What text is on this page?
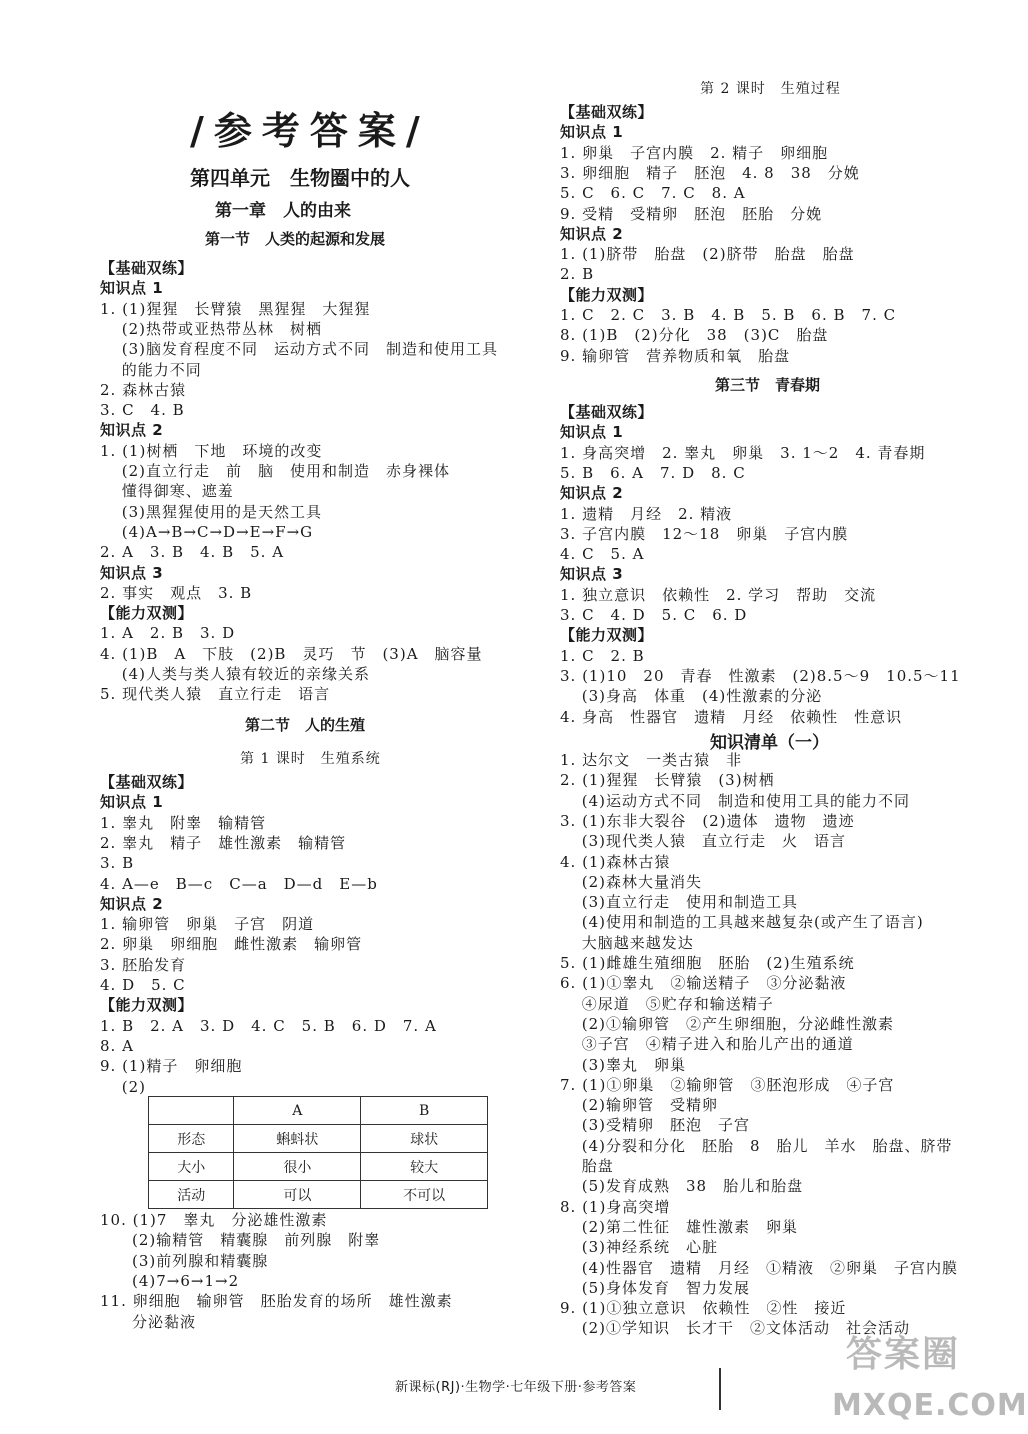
/参考答案/
第四单元　生物圈中的人
第一章　人的由来
第一节　人类的起源和发展
【基础双练】
知识点 1
1. (1)猩猩　长臂猿　黑猩猩　大猩猩
　 (2)热带或亚热带丛林　树栖
　 (3)脑发育程度不同　运动方式不同　制造和使用工具
　 的能力不同
2. 森林古猿
3. C　4. B
知识点 2
1. (1)树栖　下地　环境的改变
　 (2)直立行走　前　脑　使用和制造　赤身裸体
　 懂得御寒、遮羞
　 (3)黑猩猩使用的是天然工具
　 (4)A→B→C→D→E→F→G
2. A　3. B　4. B　5. A
知识点 3
2. 事实　观点　3. B
【能力双测】
1. A　2. B　3. D
4. (1)B　A　下肢　(2)B　灵巧　节　(3)A　脑容量
　 (4)人类与类人猿有较近的亲缘关系
5. 现代类人猿　直立行走　语言
第二节　人的生殖
第 1 课时　生殖系统
【基础双练】
知识点 1
1. 睾丸　附睾　输精管
2. 睾丸　精子　雄性激素　输精管
3. B
4. A—e　B—c　C—a　D—d　E—b
知识点 2
1. 输卵管　卵巢　子宫　阴道
2. 卵巢　卵细胞　雌性激素　输卵管
3. 胚胎发育
4. D　5. C
【能力双测】
1. B　2. A　3. D　4. C　5. B　6. D　7. A
8. A
9. (1)精子　卵细胞
　 (2)
	A	B
形态	蝌蚪状	球状
大小	很小	较大
活动	可以	不可以
10. (1)7　睾丸　分泌雄性激素
　　(2)输精管　精囊腺　前列腺　附睾
　　(3)前列腺和精囊腺
　　(4)7→6→1→2
11. 卵细胞　输卵管　胚胎发育的场所　雄性激素
　　分泌黏液
第 2 课时　生殖过程
【基础双练】
知识点 1
1. 卵巢　子宫内膜　2. 精子　卵细胞
3. 卵细胞　精子　胚泡　4. 8　38　分娩
5. C　6. C　7. C　8. A
9. 受精　受精卵　胚泡　胚胎　分娩
知识点 2
1. (1)脐带　胎盘　(2)脐带　胎盘　胎盘
2. B
【能力双测】
1. C　2. C　3. B　4. B　5. B　6. B　7. C
8. (1)B　(2)分化　38　(3)C　胎盘
9. 输卵管　营养物质和氧　胎盘
第三节　青春期
【基础双练】
知识点 1
1. 身高突增　2. 睾丸　卵巢　3. 1～2　4. 青春期
5. B　6. A　7. D　8. C
知识点 2
1. 遗精　月经　2. 精液
3. 子宫内膜　12～18　卵巢　子宫内膜
4. C　5. A
知识点 3
1. 独立意识　依赖性　2. 学习　帮助　交流
3. C　4. D　5. C　6. D
【能力双测】
1. C　2. B
3. (1)10　20　青春　性激素　(2)8.5～9　10.5～11
　 (3)身高　体重　(4)性激素的分泌
4. 身高　性器官　遗精　月经　依赖性　性意识
知识清单（一）
1. 达尔文　一类古猿　非
2. (1)猩猩　长臂猿　(3)树栖
　 (4)运动方式不同　制造和使用工具的能力不同
3. (1)东非大裂谷　(2)遗体　遗物　遗迹
　 (3)现代类人猿　直立行走　火　语言
4. (1)森林古猿
　 (2)森林大量消失
　 (3)直立行走　使用和制造工具
　 (4)使用和制造的工具越来越复杂(或产生了语言)
　 大脑越来越发达
5. (1)雌雄生殖细胞　胚胎　(2)生殖系统
6. (1)①睾丸　②输送精子　③分泌黏液
　 ④尿道　⑤贮存和输送精子
　 (2)①输卵管　②产生卵细胞，分泌雌性激素
　 ③子宫　④精子进入和胎儿产出的通道
　 (3)睾丸　卵巢
7. (1)①卵巢　②输卵管　③胚泡形成　④子宫
　 (2)输卵管　受精卵
　 (3)受精卵　胚泡　子宫
　 (4)分裂和分化　胚胎　8　胎儿　羊水　胎盘、脐带
　 胎盘
　 (5)发育成熟　38　胎儿和胎盘
8. (1)身高突增
　 (2)第二性征　雄性激素　卵巢
　 (3)神经系统　心脏
　 (4)性器官　遗精　月经　①精液　②卵巢　子宫内膜
　 (5)身体发育　智力发展
9. (1)①独立意识　依赖性　②性　接近
　 (2)①学知识　长才干　②文体活动　社会活动
新课标(RJ)·生物学·七年级下册·参考答案
答案圈
MXQE.COM
